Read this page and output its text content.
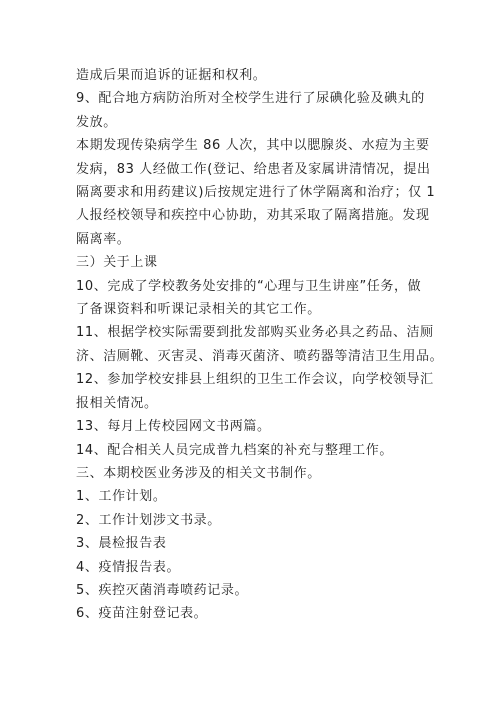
造成后果而追诉的证据和权利。
9、配合地方病防治所对全校学生进行了尿碘化验及碘丸的
发放。
本期发现传染病学生 86 人次，其中以腮腺炎、水痘为主要
发病，83 人经做工作(登记、给患者及家属讲清情况，提出
隔离要求和用药建议)后按规定进行了休学隔离和治疗；仅 1
人报经校领导和疾控中心协助，劝其采取了隔离措施。发现
隔离率。
三）关于上课
10、完成了学校教务处安排的“心理与卫生讲座”任务，做
了备课资料和听课记录相关的其它工作。
11、根据学校实际需要到批发部购买业务必具之药品、洁厕
济、洁厕靴、灭害灵、消毒灭菌济、喷药器等清洁卫生用品。
12、参加学校安排县上组织的卫生工作会议，向学校领导汇
报相关情况。
13、每月上传校园网文书两篇。
14、配合相关人员完成普九档案的补充与整理工作。
三、本期校医业务涉及的相关文书制作。
1、工作计划。
2、工作计划涉文书录。
3、晨检报告表
4、疫情报告表。
5、疾控灭菌消毒喷药记录。
6、疫苗注射登记表。
